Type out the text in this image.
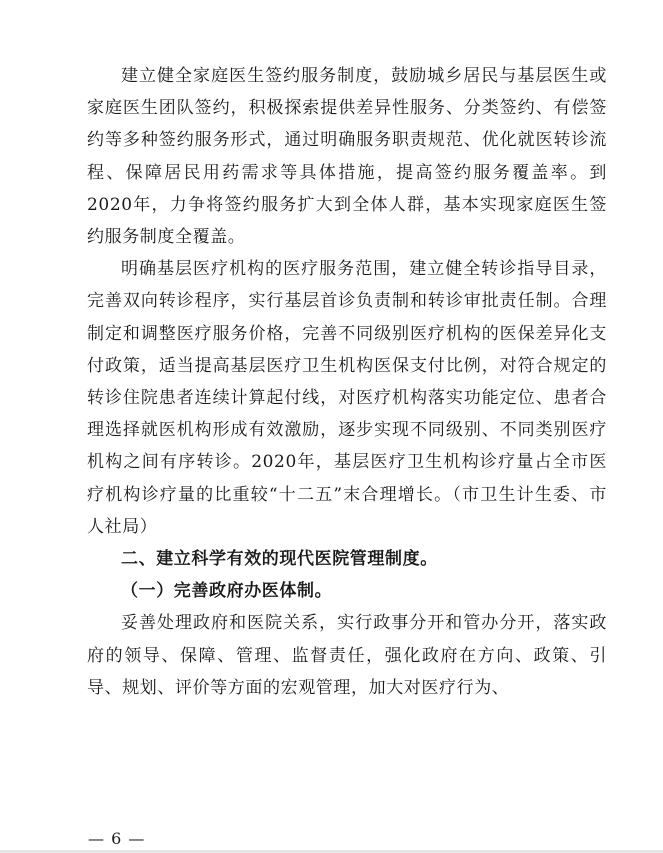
建立健全家庭医生签约服务制度，鼓励城乡居民与基层医生或家庭医生团队签约，积极探索提供差异性服务、分类签约、有偿签约等多种签约服务形式，通过明确服务职责规范、优化就医转诊流程、保障居民用药需求等具体措施，提高签约服务覆盖率。到2020年，力争将签约服务扩大到全体人群，基本实现家庭医生签约服务制度全覆盖。

明确基层医疗机构的医疗服务范围，建立健全转诊指导目录，完善双向转诊程序，实行基层首诊负责制和转诊审批责任制。合理制定和调整医疗服务价格，完善不同级别医疗机构的医保差异化支付政策，适当提高基层医疗卫生机构医保支付比例，对符合规定的转诊住院患者连续计算起付线，对医疗机构落实功能定位、患者合理选择就医机构形成有效激励，逐步实现不同级别、不同类别医疗机构之间有序转诊。2020年，基层医疗卫生机构诊疗量占全市医疗机构诊疗量的比重较“十二五”末合理增长。（市卫生计生委、市人社局）

二、建立科学有效的现代医院管理制度。

（一）完善政府办医体制。

妥善处理政府和医院关系，实行政事分开和管办分开，落实政府的领导、保障、管理、监督责任，强化政府在方向、政策、引导、规划、评价等方面的宏观管理，加大对医疗行为、

— 6 —
